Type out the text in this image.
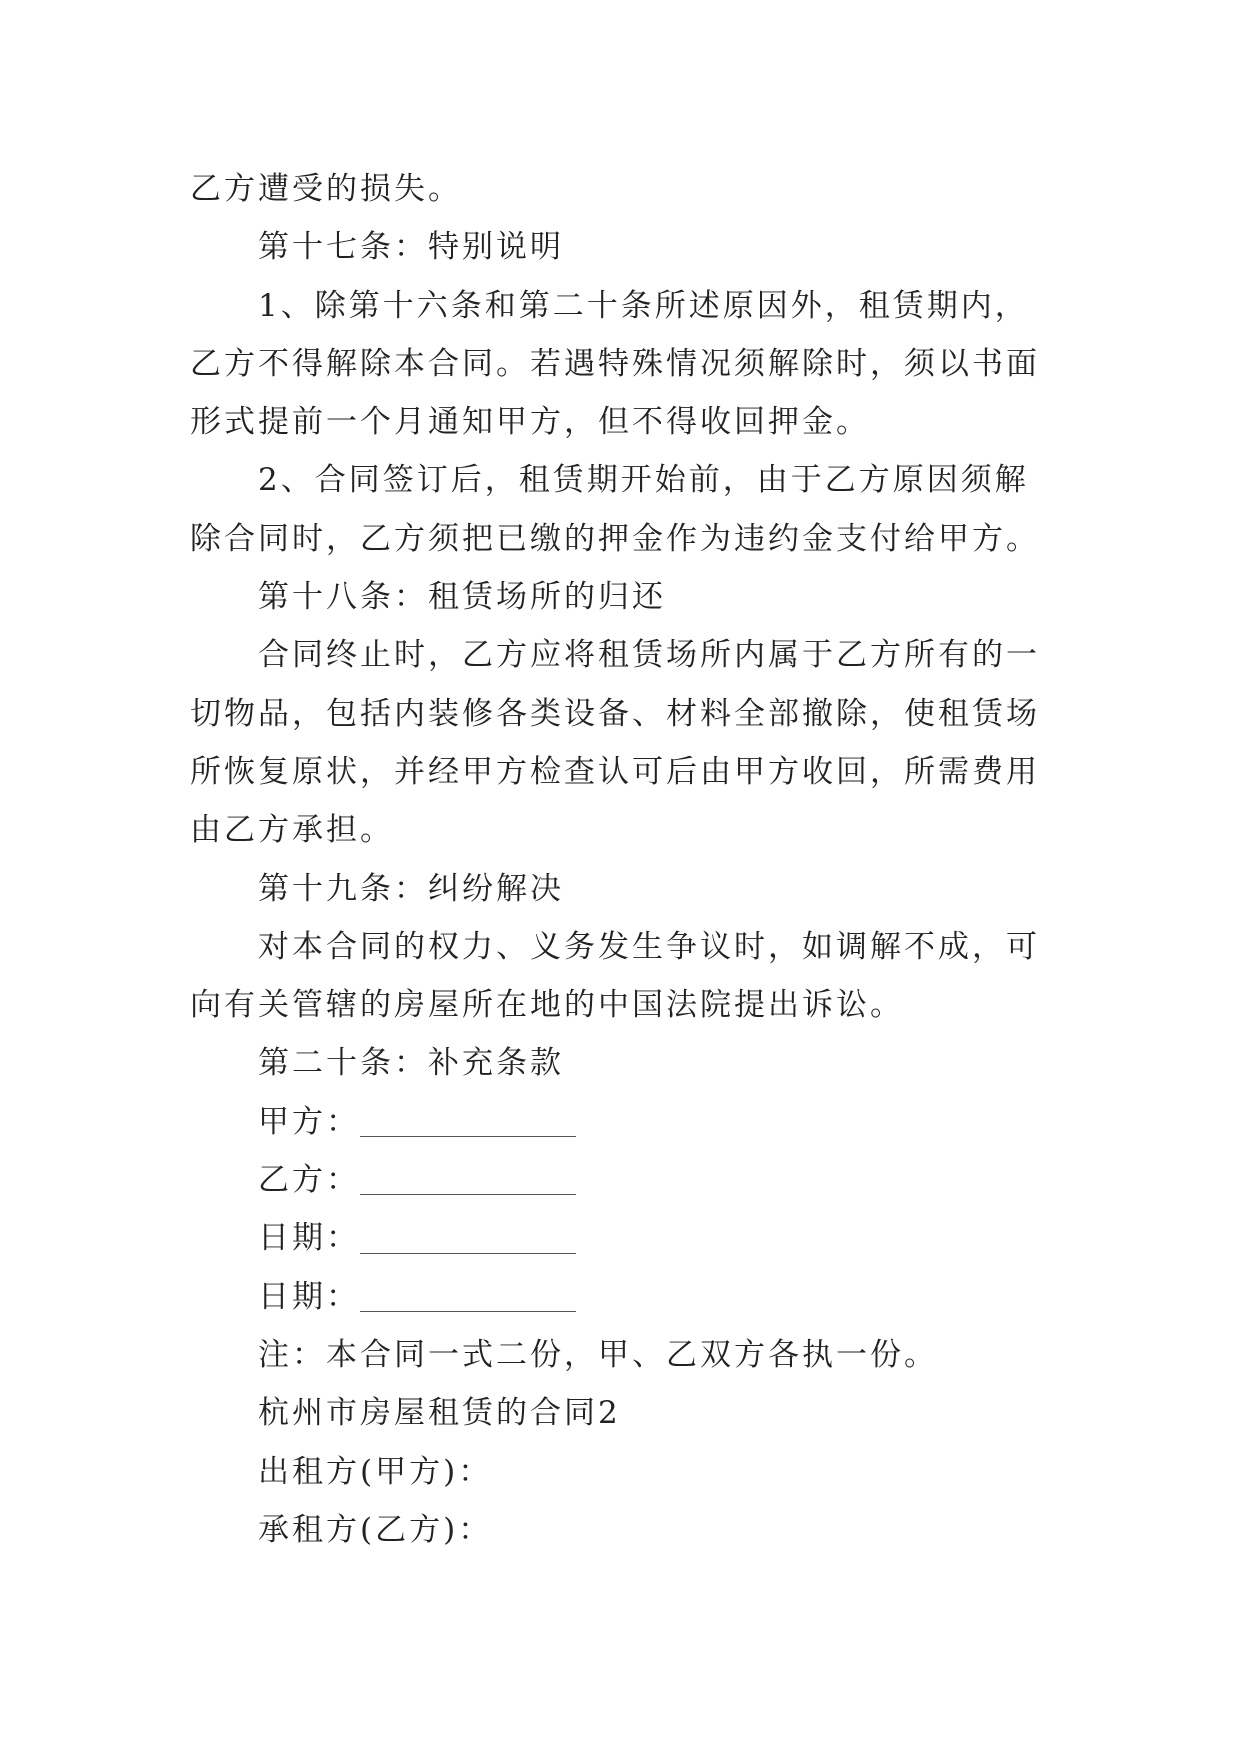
乙方遭受的损失。

第十七条：特别说明

1、除第十六条和第二十条所述原因外，租赁期内，乙方不得解除本合同。若遇特殊情况须解除时，须以书面形式提前一个月通知甲方，但不得收回押金。

2、合同签订后，租赁期开始前，由于乙方原因须解除合同时，乙方须把已缴的押金作为违约金支付给甲方。

第十八条：租赁场所的归还

合同终止时，乙方应将租赁场所内属于乙方所有的一切物品，包括内装修各类设备、材料全部撤除，使租赁场所恢复原状，并经甲方检查认可后由甲方收回，所需费用由乙方承担。

第十九条：纠纷解决

对本合同的权力、义务发生争议时，如调解不成，可向有关管辖的房屋所在地的中国法院提出诉讼。

第二十条：补充条款

甲方：

乙方：

日期：

日期：

注：本合同一式二份，甲、乙双方各执一份。

杭州市房屋租赁的合同2

出租方(甲方)：

承租方(乙方)：
